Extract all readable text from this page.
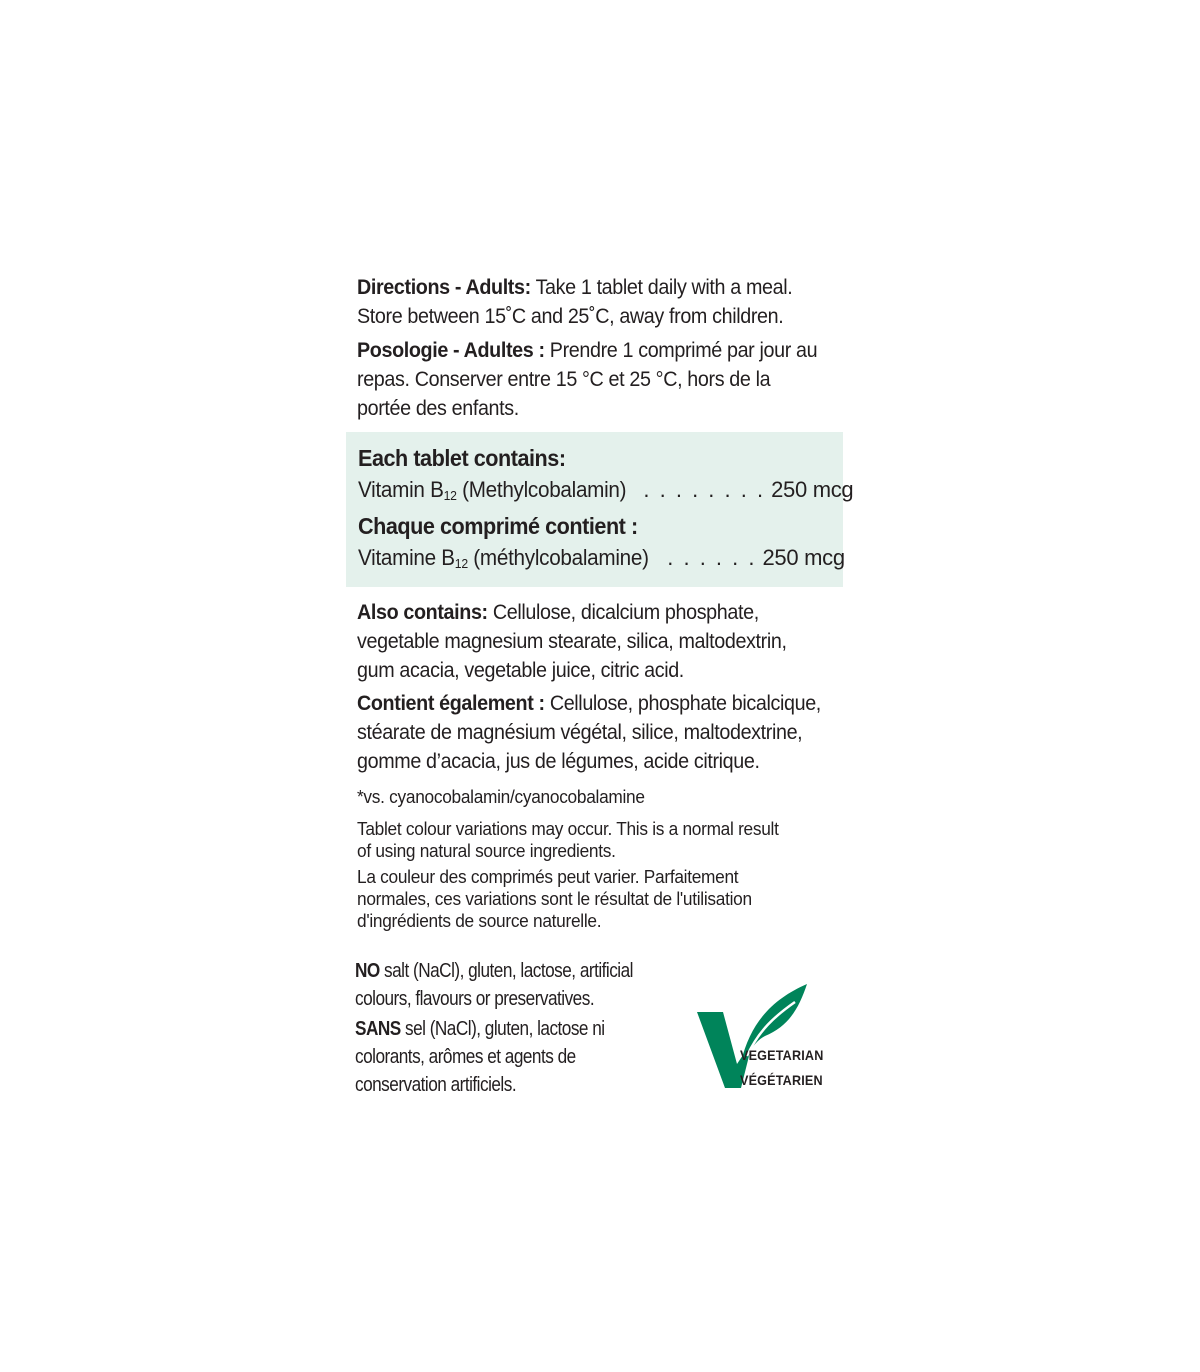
Directions - Adults: Take 1 tablet daily with a meal.
Store between 15˚C and 25˚C, away from children.
Posologie - Adultes : Prendre 1 comprimé par jour au
repas. Conserver entre 15 °C et 25 °C, hors de la
portée des enfants.
Each tablet contains:
Vitamin $B_{12}$ (Methylcobalamin) . . . . . . . . 250 mcg
Chaque comprimé contient :
Vitamine $B_{12}$ (méthylcobalamine) . . . . . . 250 mcg
Also contains: Cellulose, dicalcium phosphate,
vegetable magnesium stearate, silica, maltodextrin,
gum acacia, vegetable juice, citric acid.
Contient également : Cellulose, phosphate bicalcique,
stéarate de magnésium végétal, silice, maltodextrine,
gomme d’acacia, jus de légumes, acide citrique.

*vs. cyanocobalamin/cyanocobalamine

Tablet colour variations may occur. This is a normal result
of using natural source ingredients.

La couleur des comprimés peut varier. Parfaitement
normales, ces variations sont le résultat de l'utilisation
d'ingrédients de source naturelle.

NO salt (NaCl), gluten, lactose, artificial
colours, flavours or preservatives.

SANS sel (NaCl), gluten, lactose ni
colorants, arômes et agents de
conservation artificiels.

VEGETARIAN
VÉGÉTARIEN
